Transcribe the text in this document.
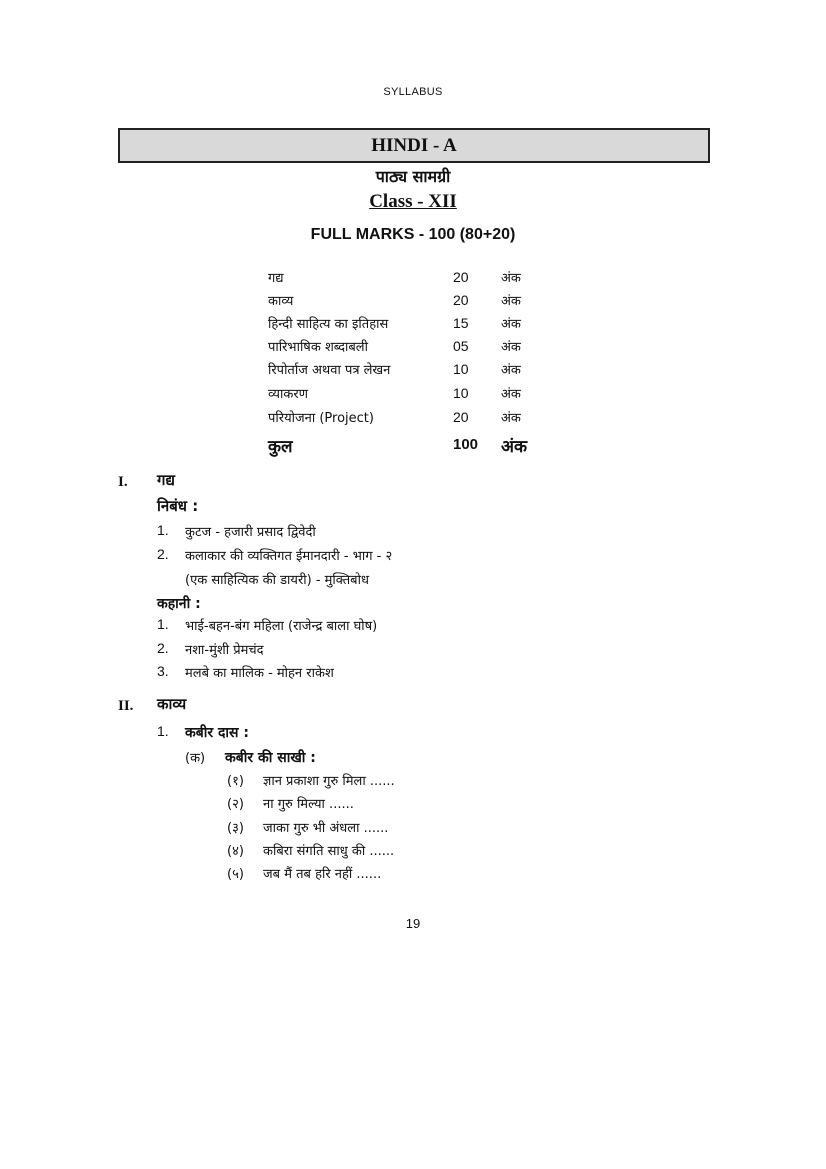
SYLLABUS
HINDI - A
पाठ्य सामग्री
Class - XII
FULL MARKS - 100 (80+20)
गद्य	20 अंक
काव्य	20 अंक
हिन्दी साहित्य का इतिहास	15 अंक
पारिभाषिक शब्दाबली	05 अंक
रिपोर्ताज अथवा पत्र लेखन	10 अंक
व्याकरण	10 अंक
परियोजना (Project)	20 अंक
कुल	100 अंक
I. गद्य
निबंध :
1. कुटज - हजारी प्रसाद द्विवेदी
2. कलाकार की व्यक्तिगत ईमानदारी - भाग - २
(एक साहित्यिक की डायरी) - मुक्तिबोध
कहानी :
1. भाई-बहन-बंग महिला (राजेन्द्र बाला घोष)
2. नशा-मुंशी प्रेमचंद
3. मलबे का मालिक - मोहन राकेश
II. काव्य
1. कबीर दास :
(क) कबीर की साखी :
(१) ज्ञान प्रकाशा गुरु मिला ......
(२) ना गुरु मिल्या ......
(३) जाका गुरु भी अंधला ......
(४) कबिरा संगति साधु की ......
(५) जब मैं तब हरि नहीं ......
19
